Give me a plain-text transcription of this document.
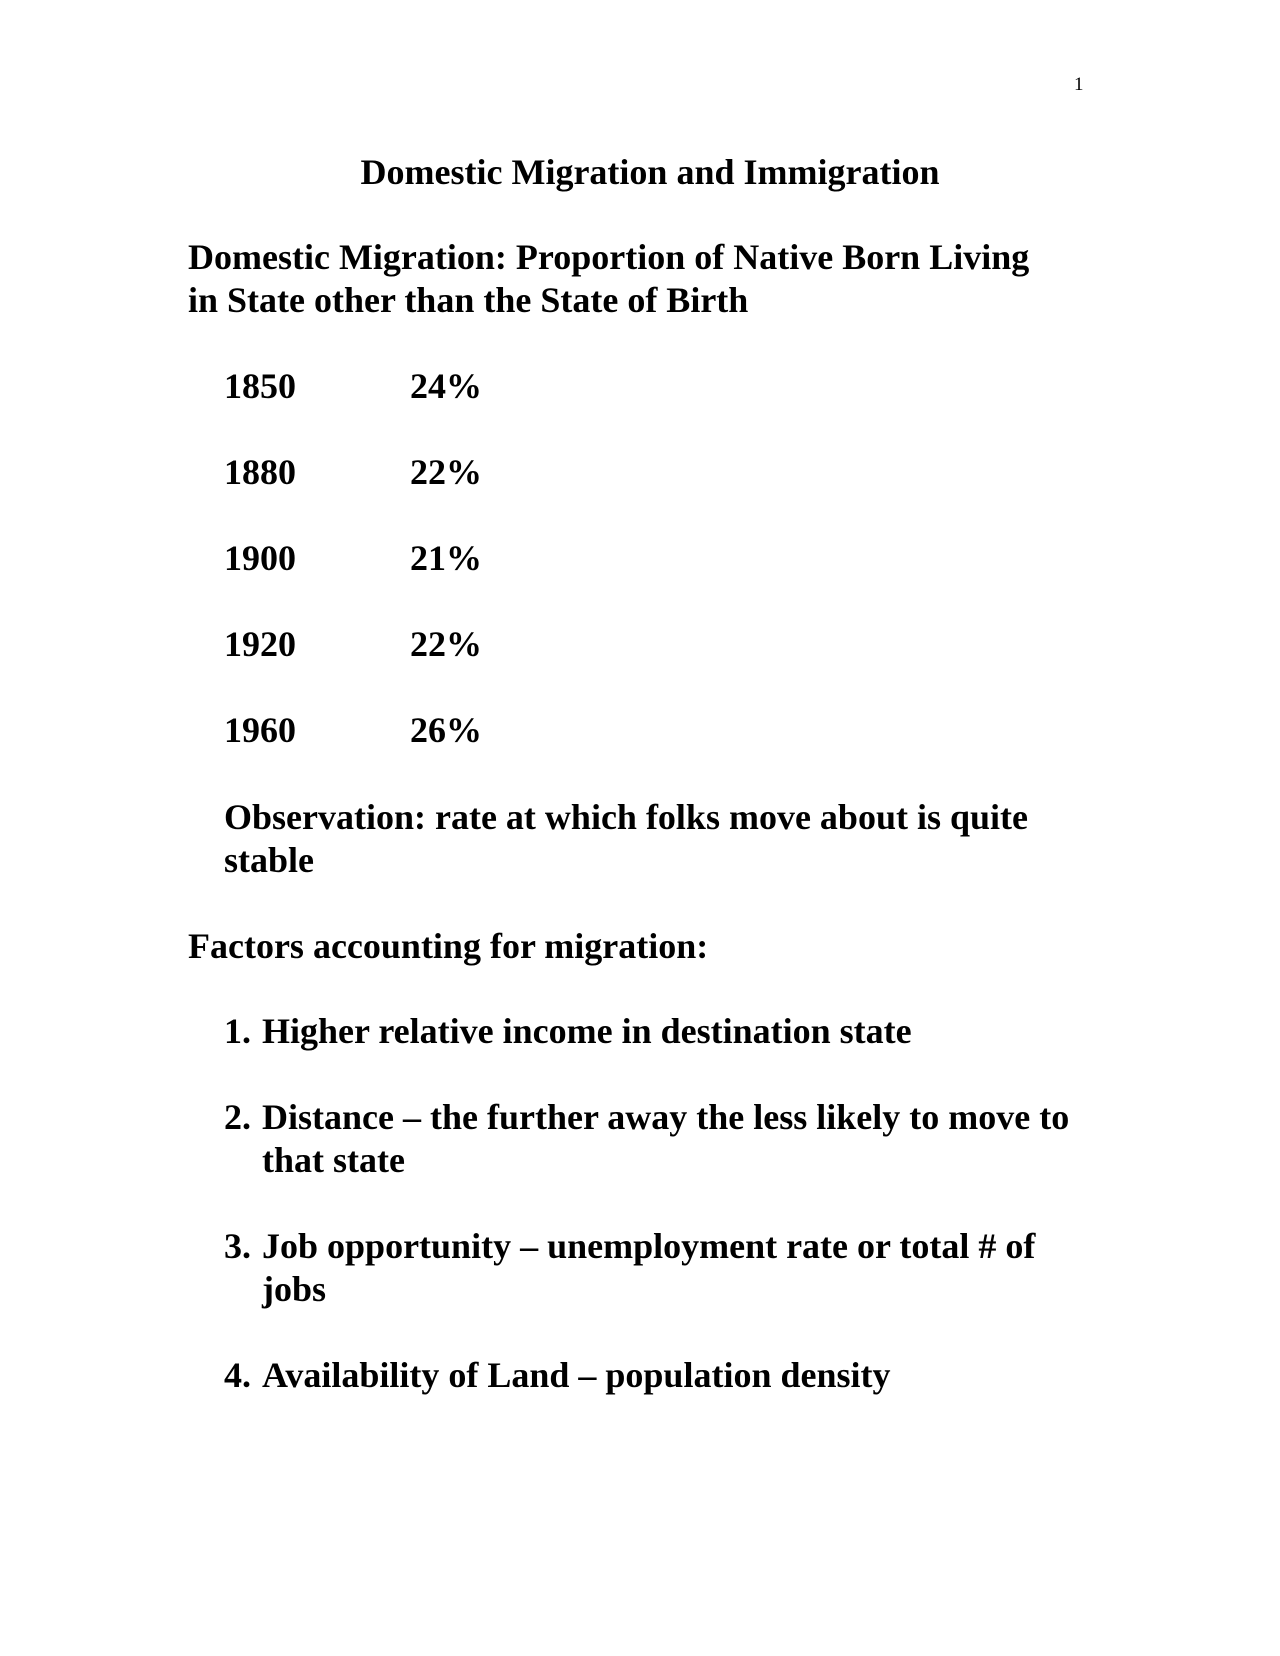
1
Domestic Migration and Immigration
Domestic Migration: Proportion of Native Born Living
in State other than the State of Birth
1850	24%
1880	22%
1900	21%
1920	22%
1960	26%

Observation: rate at which folks move about is quite stable

Factors accounting for migration:
1. Higher relative income in destination state
2. Distance – the further away the less likely to move to that state
3. Job opportunity – unemployment rate or total # of jobs
4. Availability of Land – population density
